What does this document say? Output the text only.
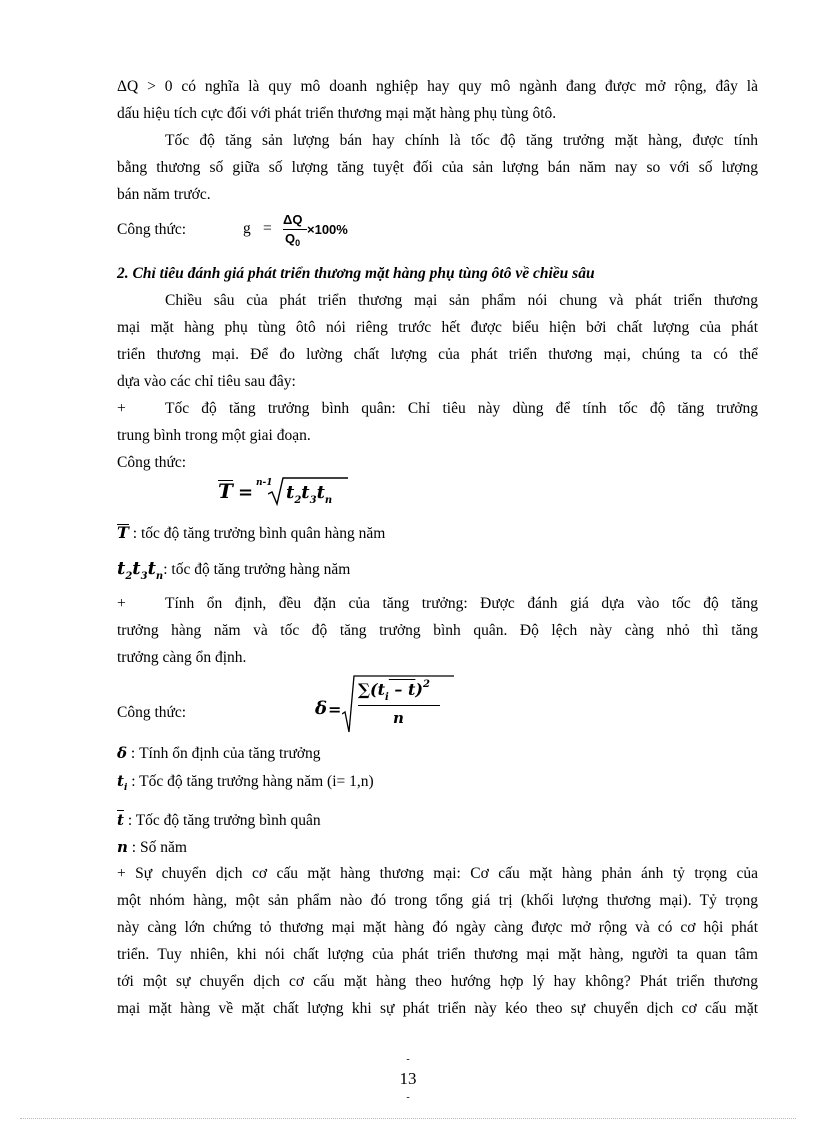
ΔQ > 0 có nghĩa là quy mô doanh nghiệp hay quy mô ngành đang được mở rộng, đây là
dấu hiệu tích cực đối với phát triển thương mại mặt hàng phụ tùng ôtô.
Tốc độ tăng sản lượng bán hay chính là tốc độ tăng trưởng mặt hàng, được tính
bằng thương số giữa số lượng tăng tuyệt đối của sản lượng bán năm nay so với số lượng
bán năm trước.
Công thức:	g =
ΔQ
$Q_0$
×100%
2. Chỉ tiêu đánh giá phát triển thương mặt hàng phụ tùng ôtô về chiều sâu
Chiều sâu của phát triển thương mại sản phẩm nói chung và phát triển thương
mại mặt hàng phụ tùng ôtô nói riêng trước hết được biểu hiện bởi chất lượng của phát
triển thương mại. Để đo lường chất lượng của phát triển thương mại, chúng ta có thể
dựa vào các chỉ tiêu sau đây:
+	Tốc độ tăng trưởng bình quân: Chỉ tiêu này dùng để tính tốc độ tăng trưởng
trung bình trong một giai đoạn.
Công thức:
T = n-1 $t_2t_3t_n$
T : tốc độ tăng trưởng bình quân hàng năm
$t_2t_3t_n$: tốc độ tăng trưởng hàng năm
+	Tính ổn định, đều đặn của tăng trưởng: Được đánh giá dựa vào tốc độ tăng
trưởng hàng năm và tốc độ tăng trưởng bình quân. Độ lệch này càng nhỏ thì tăng
trưởng càng ổn định.
Công thức:	δ =
$\sum(t_i - t)^2$
n
δ : Tính ổn định của tăng trưởng
$t_i$ : Tốc độ tăng trưởng hàng năm (i= 1,n)
$\overline{t}$ : Tốc độ tăng trưởng bình quân
n : Số năm
+ Sự chuyển dịch cơ cấu mặt hàng thương mại: Cơ cấu mặt hàng phản ánh tỷ trọng của
một nhóm hàng, một sản phẩm nào đó trong tổng giá trị (khối lượng thương mại). Tỷ trọng
này càng lớn chứng tỏ thương mại mặt hàng đó ngày càng được mở rộng và có cơ hội phát
triển. Tuy nhiên, khi nói chất lượng của phát triển thương mại mặt hàng, người ta quan tâm
tới một sự chuyển dịch cơ cấu mặt hàng theo hướng hợp lý hay không? Phát triển thương
mại mặt hàng về mặt chất lượng khi sự phát triển này kéo theo sự chuyển dịch cơ cấu mặt
-
13
-
